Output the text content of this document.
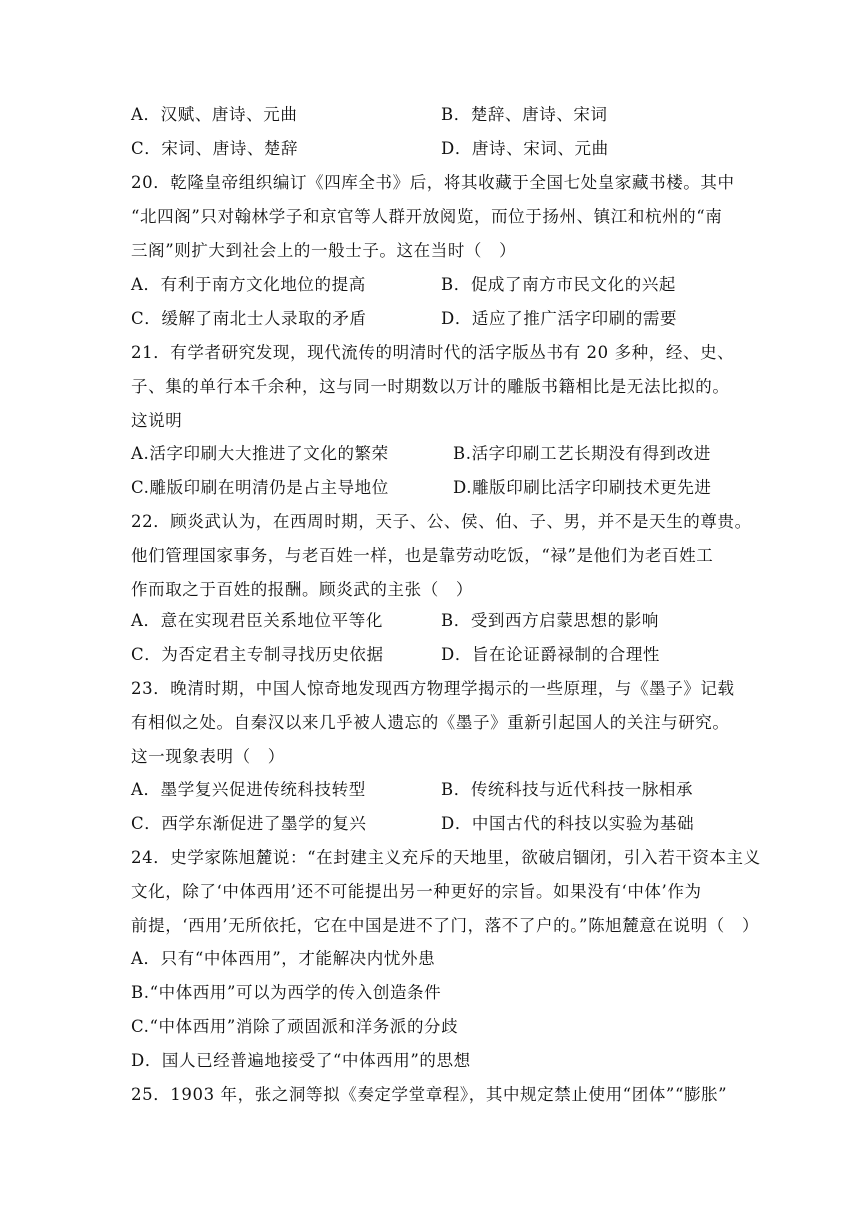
A．汉赋、唐诗、元曲	B．楚辞、唐诗、宋词
C．宋词、唐诗、楚辞	D．唐诗、宋词、元曲
20．乾隆皇帝组织编订《四库全书》后，将其收藏于全国七处皇家藏书楼。其中
“北四阁”只对翰林学子和京官等人群开放阅览，而位于扬州、镇江和杭州的“南
三阁”则扩大到社会上的一般士子。这在当时（　）
A．有利于南方文化地位的提高	B．促成了南方市民文化的兴起
C．缓解了南北士人录取的矛盾	D．适应了推广活字印刷的需要
21．有学者研究发现，现代流传的明清时代的活字版丛书有 20 多种，经、史、
子、集的单行本千余种，这与同一时期数以万计的雕版书籍相比是无法比拟的。
这说明
A.活字印刷大大推进了文化的繁荣	B.活字印刷工艺长期没有得到改进
C.雕版印刷在明清仍是占主导地位	D.雕版印刷比活字印刷技术更先进
22．顾炎武认为，在西周时期，天子、公、侯、伯、子、男，并不是天生的尊贵。
他们管理国家事务，与老百姓一样，也是靠劳动吃饭，“禄”是他们为老百姓工
作而取之于百姓的报酬。顾炎武的主张（　）
A．意在实现君臣关系地位平等化	B．受到西方启蒙思想的影响
C．为否定君主专制寻找历史依据	D．旨在论证爵禄制的合理性
23．晚清时期，中国人惊奇地发现西方物理学揭示的一些原理，与《墨子》记载
有相似之处。自秦汉以来几乎被人遗忘的《墨子》重新引起国人的关注与研究。
这一现象表明（　）
A．墨学复兴促进传统科技转型	B．传统科技与近代科技一脉相承
C．西学东渐促进了墨学的复兴	D．中国古代的科技以实验为基础
24．史学家陈旭麓说：“在封建主义充斥的天地里，欲破启锢闭，引入若干资本主义
文化，除了‘中体西用’还不可能提出另一种更好的宗旨。如果没有‘中体’作为
前提，‘西用’无所依托，它在中国是进不了门，落不了户的。”陈旭麓意在说明（　）
A．只有“中体西用”，才能解决内忧外患
B.“中体西用”可以为西学的传入创造条件
C.“中体西用”消除了顽固派和洋务派的分歧
D．国人已经普遍地接受了“中体西用”的思想
25．1903 年，张之洞等拟《奏定学堂章程》，其中规定禁止使用“团体”“膨胀”
